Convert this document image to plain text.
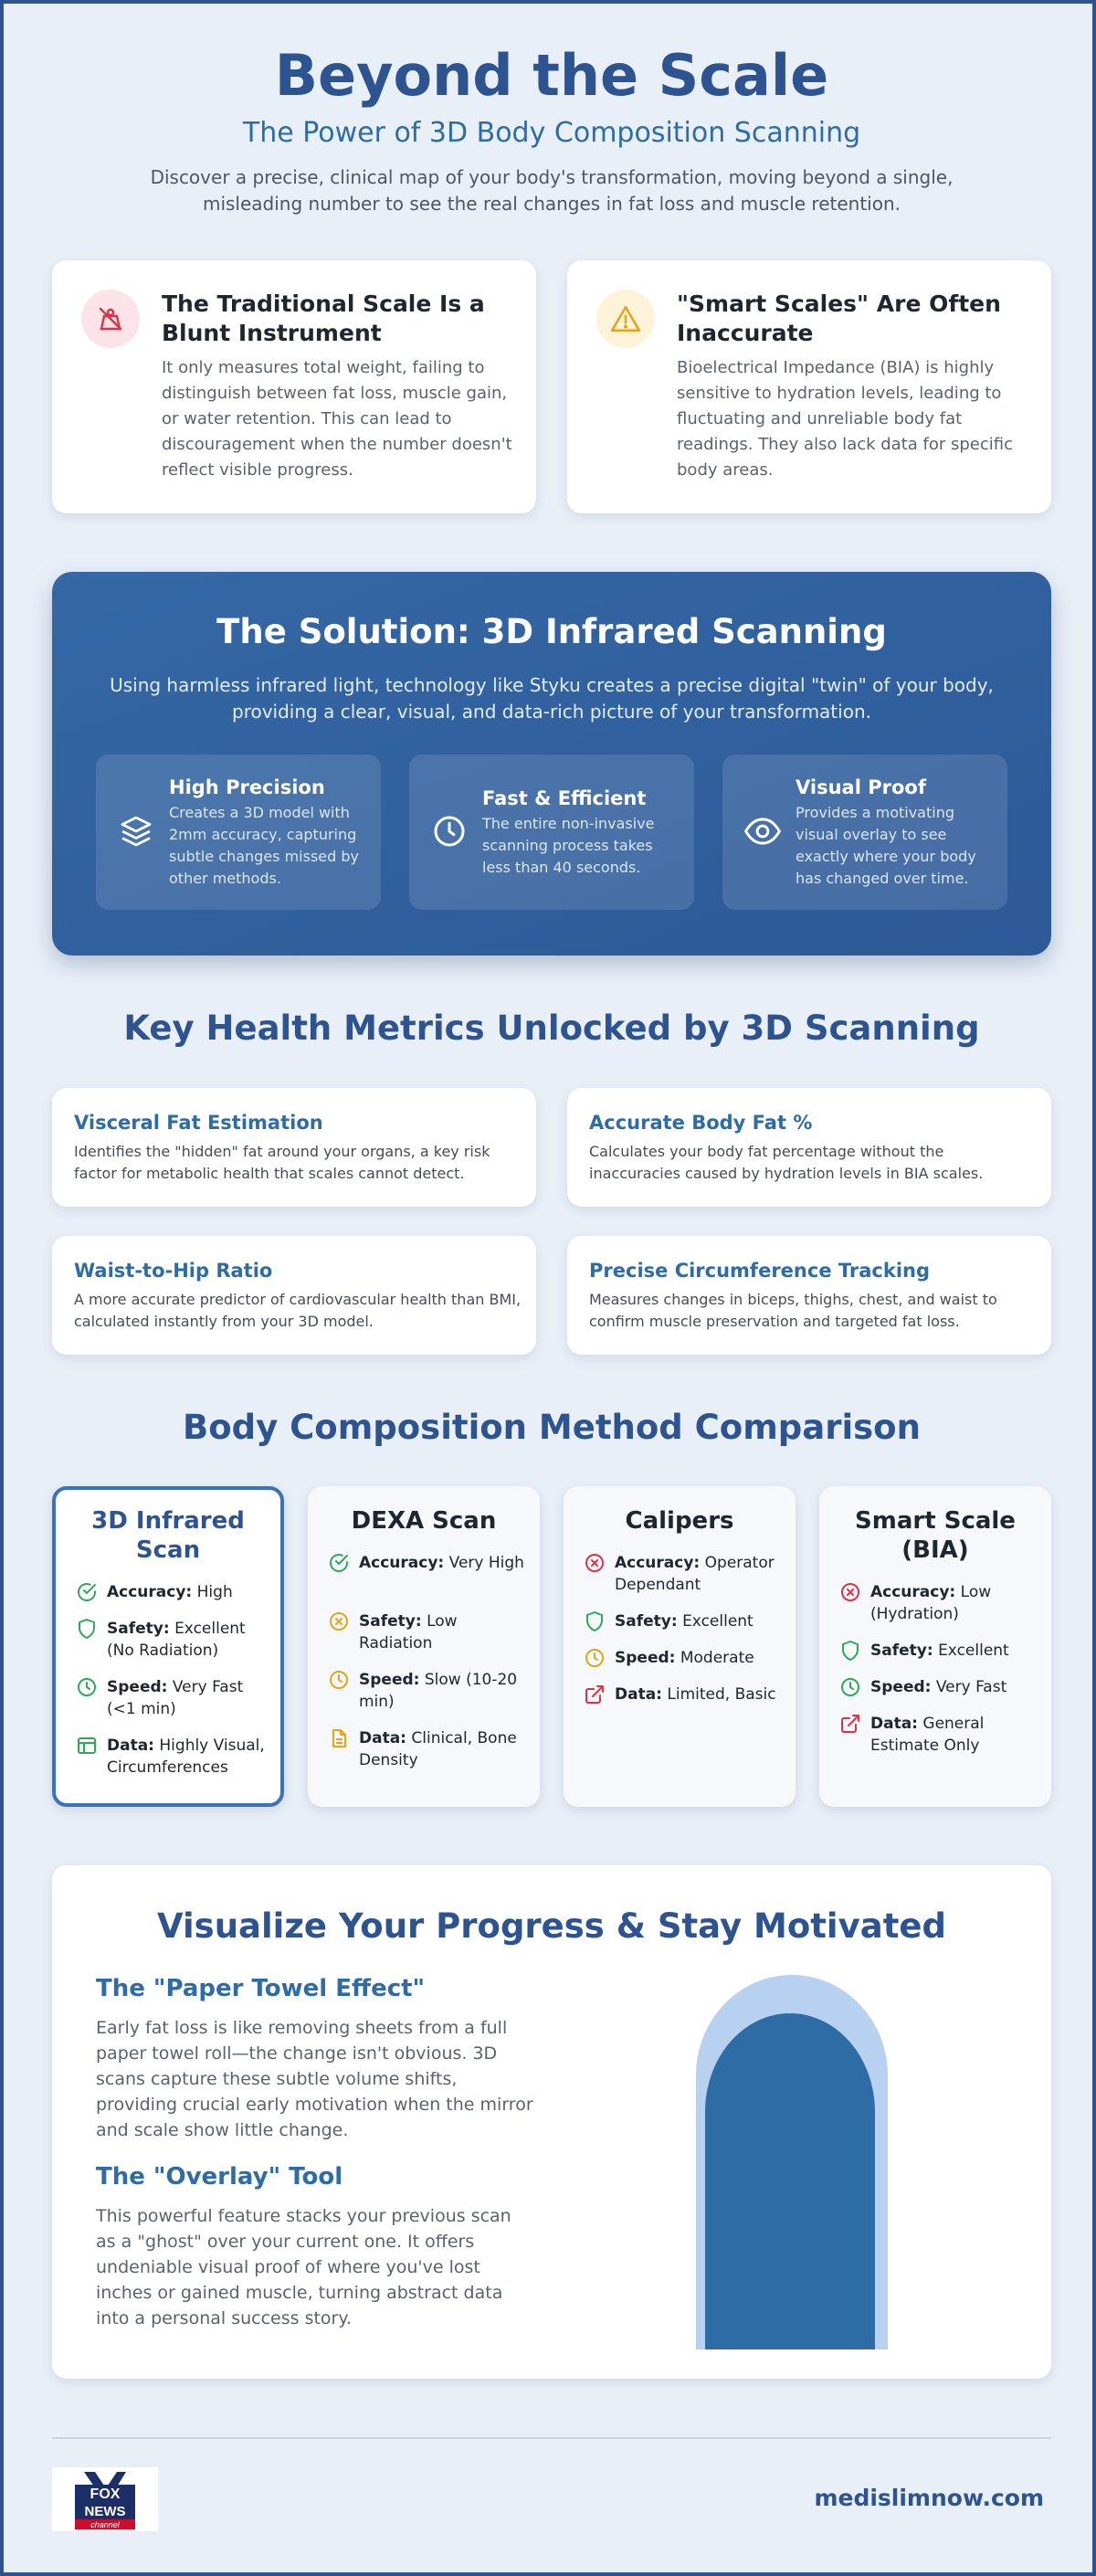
Beyond the Scale
The Power of 3D Body Composition Scanning

Discover a precise, clinical map of your body's transformation, moving beyond a single, misleading number to see the real changes in fat loss and muscle retention.

The Traditional Scale Is a Blunt Instrument

It only measures total weight, failing to distinguish between fat loss, muscle gain, or water retention. This can lead to discouragement when the number doesn't reflect visible progress.

"Smart Scales" Are Often Inaccurate

Bioelectrical Impedance (BIA) is highly sensitive to hydration levels, leading to fluctuating and unreliable body fat readings. They also lack data for specific body areas.

The Solution: 3D Infrared Scanning

Using harmless infrared light, technology like Styku creates a precise digital "twin" of your body, providing a clear, visual, and data-rich picture of your transformation.

High Precision

Creates a 3D model with 2mm accuracy, capturing subtle changes missed by other methods.

Fast & Efficient

The entire non-invasive scanning process takes less than 40 seconds.

Visual Proof

Provides a motivating visual overlay to see exactly where your body has changed over time.

Key Health Metrics Unlocked by 3D Scanning
Visceral Fat Estimation

Identifies the "hidden" fat around your organs, a key risk factor for metabolic health that scales cannot detect.

Accurate Body Fat %

Calculates your body fat percentage without the inaccuracies caused by hydration levels in BIA scales.

Waist-to-Hip Ratio

A more accurate predictor of cardiovascular health than BMI, calculated instantly from your 3D model.

Precise Circumference Tracking

Measures changes in biceps, thighs, chest, and waist to confirm muscle preservation and targeted fat loss.

Body Composition Method Comparison
3D Infrared Scan
Accuracy: High
Safety: Excellent (No Radiation)
Speed: Very Fast (<1 min)
Data: Highly Visual, Circumferences
DEXA Scan
Accuracy: Very High
Safety: Low Radiation
Speed: Slow (10-20 min)
Data: Clinical, Bone Density
Calipers
Accuracy: Operator Dependant
Safety: Excellent
Speed: Moderate
Data: Limited, Basic
Smart Scale (BIA)
Accuracy: Low (Hydration)
Safety: Excellent
Speed: Very Fast
Data: General Estimate Only
Visualize Your Progress & Stay Motivated
The "Paper Towel Effect"

Early fat loss is like removing sheets from a full paper towel roll—the change isn't obvious. 3D scans capture these subtle volume shifts, providing crucial early motivation when the mirror and scale show little change.

The "Overlay" Tool

This powerful feature stacks your previous scan as a "ghost" over your current one. It offers undeniable visual proof of where you've lost inches or gained muscle, turning abstract data into a personal success story.

FOX
NEWS
channel
medislimnow.com
